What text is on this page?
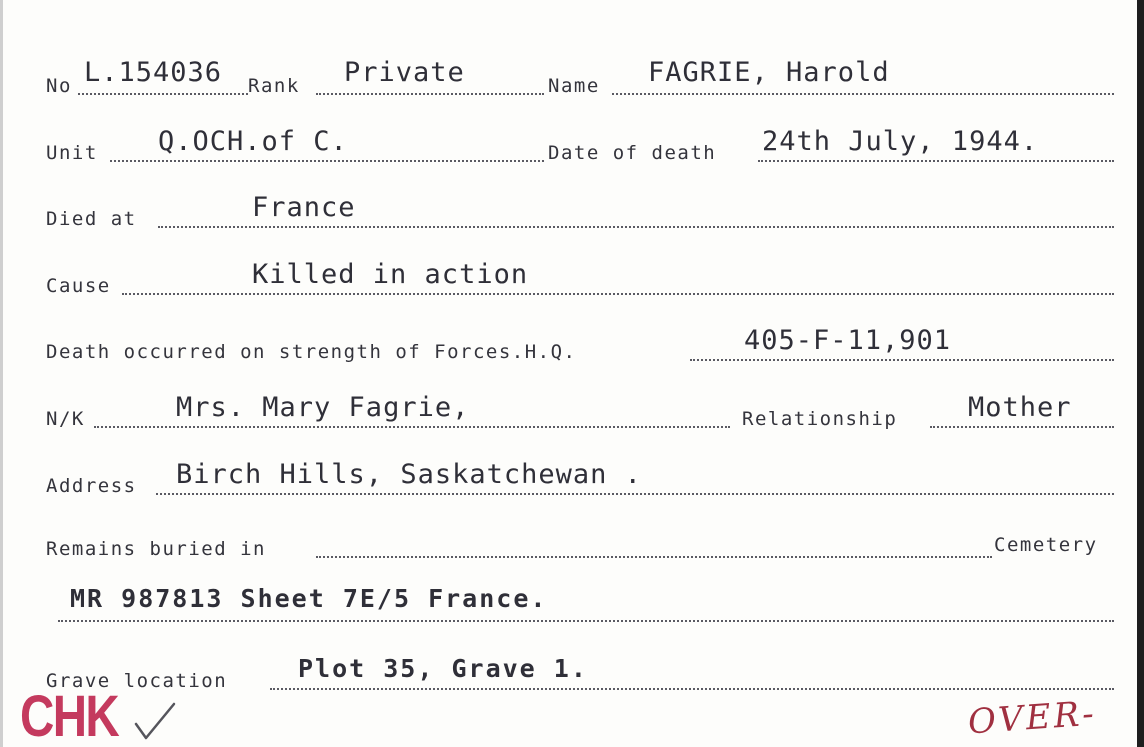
No L.154036 Rank Private	Name FAGRIE, Harold
Unit Q.OCH.of C.	Date of death 24th July, 1944.
Died at	France
Cause	Killed in action
Death occurred on strength of Forces.H.Q.	405-F-11,901
N/K	Mrs. Mary Fagrie,	Relationship	Mother
Address Birch Hills, Saskatchewan .
Remains buried in	Cemetery
MR 987813 Sheet 7E/5 France.
Grave location	Plot 35, Grave 1.
CHK	OVER-
